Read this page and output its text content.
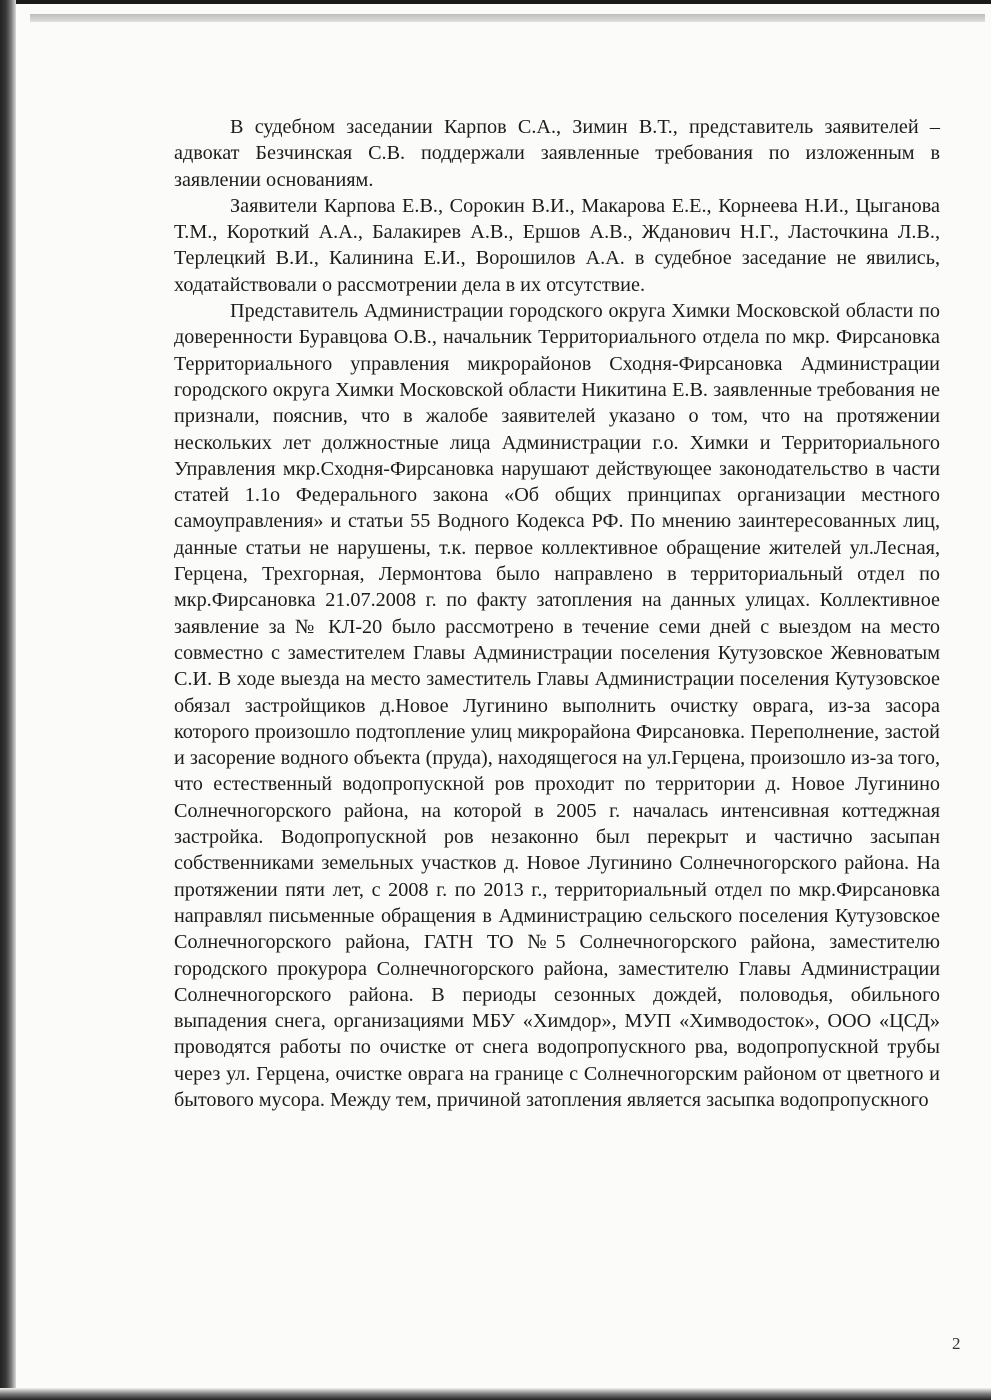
В судебном заседании Карпов С.А., Зимин В.Т., представитель заявителей – адвокат Безчинская С.В. поддержали заявленные требования по изложенным в заявлении основаниям.

Заявители Карпова Е.В., Сорокин В.И., Макарова Е.Е., Корнеева Н.И., Цыганова Т.М., Короткий А.А., Балакирев А.В., Ершов А.В., Жданович Н.Г., Ласточкина Л.В., Терлецкий В.И., Калинина Е.И., Ворошилов А.А. в судебное заседание не явились, ходатайствовали о рассмотрении дела в их отсутствие.

Представитель Администрации городского округа Химки Московской области по доверенности Буравцова О.В., начальник Территориального отдела по мкр. Фирсановка Территориального управления микрорайонов Сходня-Фирсановка Администрации городского округа Химки Московской области Никитина Е.В. заявленные требования не признали, пояснив, что в жалобе заявителей указано о том, что на протяжении нескольких лет должностные лица Администрации г.о. Химки и Территориального Управления мкр.Сходня-Фирсановка нарушают действующее законодательство в части статей 1.1о Федерального закона «Об общих принципах организации местного самоуправления» и статьи 55 Водного Кодекса РФ. По мнению заинтересованных лиц, данные статьи не нарушены, т.к. первое коллективное обращение жителей ул.Лесная, Герцена, Трехгорная, Лермонтова было направлено в территориальный отдел по мкр.Фирсановка 21.07.2008 г. по факту затопления на данных улицах. Коллективное заявление за № КЛ-20 было рассмотрено в течение семи дней с выездом на место совместно с заместителем Главы Администрации поселения Кутузовское Жевноватым С.И. В ходе выезда на место заместитель Главы Администрации поселения Кутузовское обязал застройщиков д.Новое Лугинино выполнить очистку оврага, из-за засора которого произошло подтопление улиц микрорайона Фирсановка. Переполнение, застой и засорение водного объекта (пруда), находящегося на ул.Герцена, произошло из-за того, что естественный водопропускной ров проходит по территории д. Новое Лугинино Солнечногорского района, на которой в 2005 г. началась интенсивная коттеджная застройка. Водопропускной ров незаконно был перекрыт и частично засыпан собственниками земельных участков д. Новое Лугинино Солнечногорского района. На протяжении пяти лет, с 2008 г. по 2013 г., территориальный отдел по мкр.Фирсановка направлял письменные обращения в Администрацию сельского поселения Кутузовское Солнечногорского района, ГАТН ТО №5 Солнечногорского района, заместителю городского прокурора Солнечногорского района, заместителю Главы Администрации Солнечногорского района. В периоды сезонных дождей, половодья, обильного выпадения снега, организациями МБУ «Химдор», МУП «Химводосток», ООО «ЦСД» проводятся работы по очистке от снега водопропускного рва, водопропускной трубы через ул. Герцена, очистке оврага на границе с Солнечногорским районом от цветного и бытового мусора. Между тем, причиной затопления является засыпка водопропускного

2
